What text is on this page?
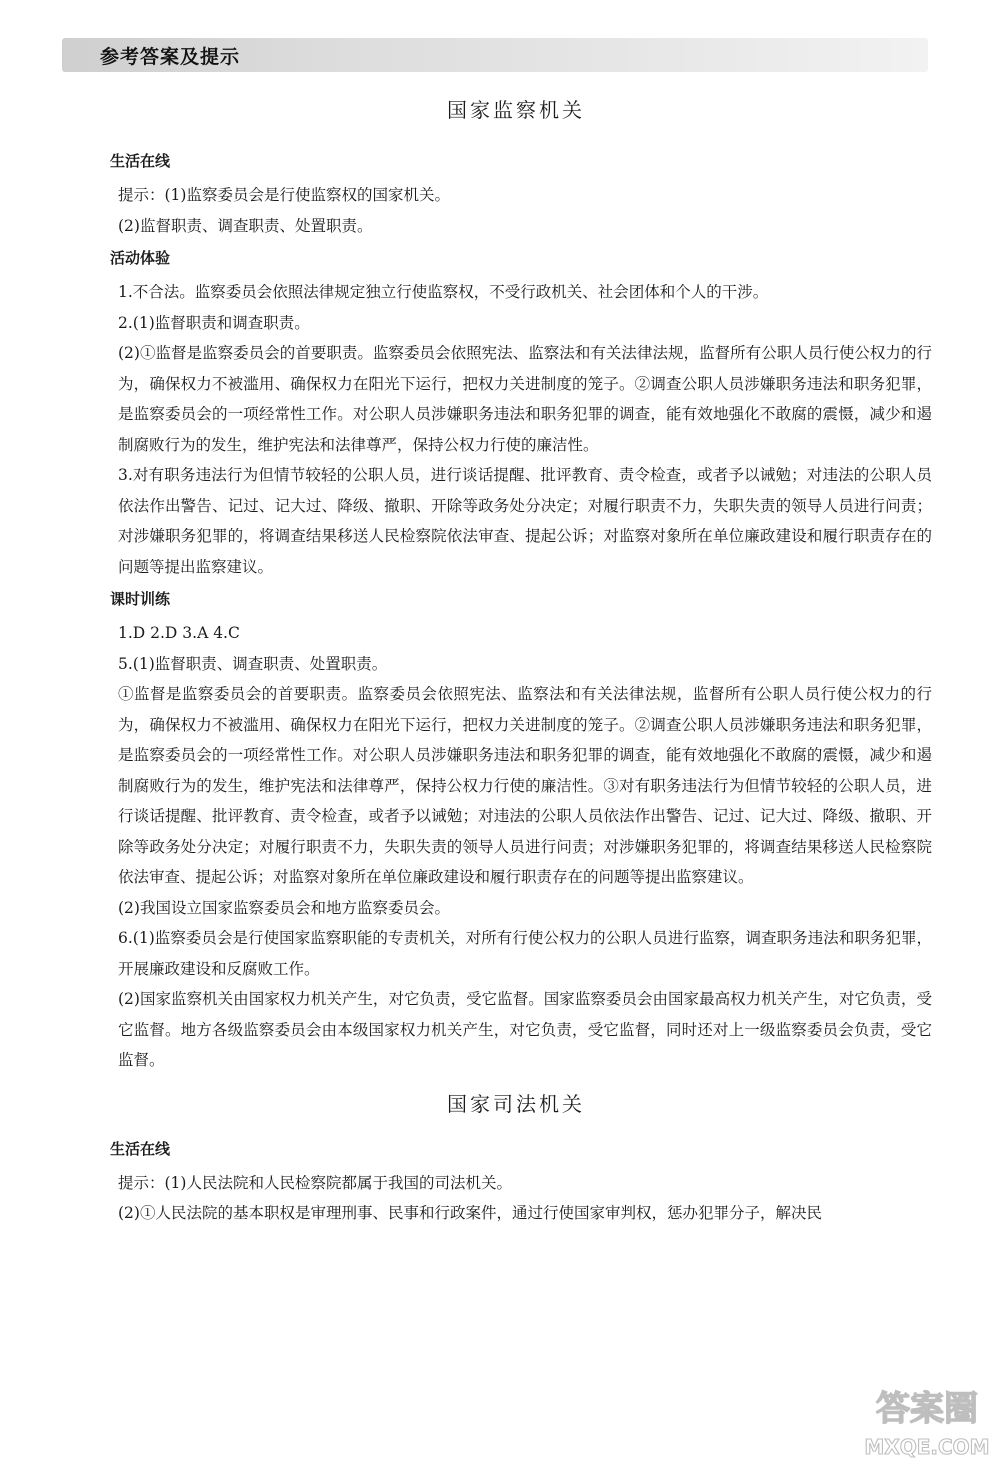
参考答案及提示
国家监察机关
生活在线

提示：(1)监察委员会是行使监察权的国家机关。

(2)监督职责、调查职责、处置职责。

活动体验

1.不合法。监察委员会依照法律规定独立行使监察权，不受行政机关、社会团体和个人的干涉。

2.(1)监督职责和调查职责。

(2)①监督是监察委员会的首要职责。监察委员会依照宪法、监察法和有关法律法规，监督所有公职人员行使公权力的行为，确保权力不被滥用、确保权力在阳光下运行，把权力关进制度的笼子。②调查公职人员涉嫌职务违法和职务犯罪，是监察委员会的一项经常性工作。对公职人员涉嫌职务违法和职务犯罪的调查，能有效地强化不敢腐的震慑，减少和遏制腐败行为的发生，维护宪法和法律尊严，保持公权力行使的廉洁性。

3.对有职务违法行为但情节较轻的公职人员，进行谈话提醒、批评教育、责令检查，或者予以诫勉；对违法的公职人员依法作出警告、记过、记大过、降级、撤职、开除等政务处分决定；对履行职责不力，失职失责的领导人员进行问责；对涉嫌职务犯罪的，将调查结果移送人民检察院依法审查、提起公诉；对监察对象所在单位廉政建设和履行职责存在的问题等提出监察建议。

课时训练

1.D 2.D 3.A 4.C

5.(1)监督职责、调查职责、处置职责。

①监督是监察委员会的首要职责。监察委员会依照宪法、监察法和有关法律法规，监督所有公职人员行使公权力的行为，确保权力不被滥用、确保权力在阳光下运行，把权力关进制度的笼子。②调查公职人员涉嫌职务违法和职务犯罪，是监察委员会的一项经常性工作。对公职人员涉嫌职务违法和职务犯罪的调查，能有效地强化不敢腐的震慑，减少和遏制腐败行为的发生，维护宪法和法律尊严，保持公权力行使的廉洁性。③对有职务违法行为但情节较轻的公职人员，进行谈话提醒、批评教育、责令检查，或者予以诫勉；对违法的公职人员依法作出警告、记过、记大过、降级、撤职、开除等政务处分决定；对履行职责不力，失职失责的领导人员进行问责；对涉嫌职务犯罪的，将调查结果移送人民检察院依法审查、提起公诉；对监察对象所在单位廉政建设和履行职责存在的问题等提出监察建议。

(2)我国设立国家监察委员会和地方监察委员会。

6.(1)监察委员会是行使国家监察职能的专责机关，对所有行使公权力的公职人员进行监察，调查职务违法和职务犯罪，开展廉政建设和反腐败工作。

(2)国家监察机关由国家权力机关产生，对它负责，受它监督。国家监察委员会由国家最高权力机关产生，对它负责，受它监督。地方各级监察委员会由本级国家权力机关产生，对它负责，受它监督，同时还对上一级监察委员会负责，受它监督。

国家司法机关
生活在线

提示：(1)人民法院和人民检察院都属于我国的司法机关。

(2)①人民法院的基本职权是审理刑事、民事和行政案件，通过行使国家审判权，惩办犯罪分子，解决民

答案圈
MXQE.COM
